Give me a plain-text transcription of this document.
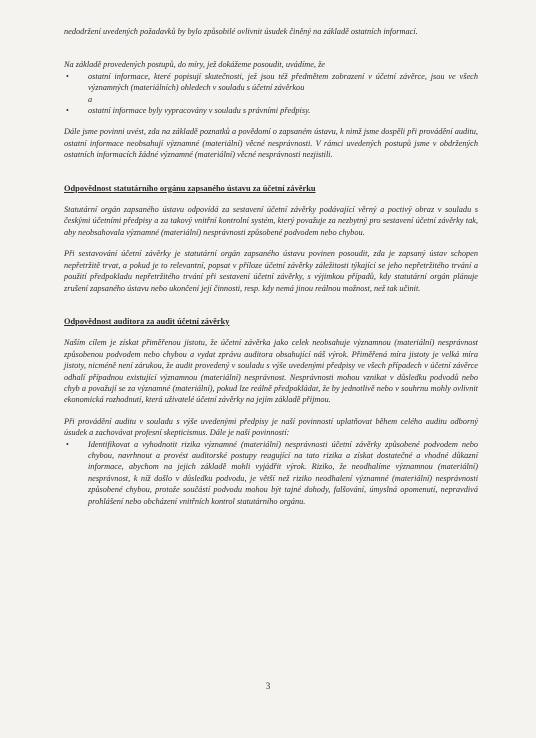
nedodržení uvedených požadavků by bylo způsobilé ovlivnit úsudek činěný na základě ostatních informací.

Na základě provedených postupů, do míry, jež dokážeme posoudit, uvádíme, že

• ostatní informace, které popisují skutečnosti, jež jsou též předmětem zobrazení v účetní závěrce, jsou ve všech významných (materiálních) ohledech v souladu s účetní závěrkou

a

• ostatní informace byly vypracovány v souladu s právními předpisy.

Dále jsme povinni uvést, zda na základě poznatků a povědomí o zapsaném ústavu, k nimž jsme dospěli při provádění auditu, ostatní informace neobsahují významné (materiální) věcné nesprávnosti. V rámci uvedených postupů jsme v obdržených ostatních informacích žádné významné (materiální) věcné nesprávnosti nezjistili.

Odpovědnost statutárního orgánu zapsaného ústavu za účetní závěrku

Statutární orgán zapsaného ústavu odpovídá za sestavení účetní závěrky podávající věrný a poctivý obraz v souladu s českými účetními předpisy a za takový vnitřní kontrolní systém, který považuje za nezbytný pro sestavení účetní závěrky tak, aby neobsahovala významné (materiální) nesprávnosti způsobené podvodem nebo chybou.

Při sestavování účetní závěrky je statutární orgán zapsaného ústavu povinen posoudit, zda je zapsaný ústav schopen nepřetržitě trvat, a pokud je to relevantní, popsat v příloze účetní závěrky záležitosti týkající se jeho nepřetržitého trvání a použití předpokladu nepřetržitého trvání při sestavení účetní závěrky, s výjimkou případů, kdy statutární orgán plánuje zrušení zapsaného ústavu nebo ukončení její činnosti, resp. kdy nemá jinou reálnou možnost, než tak učinit.

Odpovědnost auditora za audit účetní závěrky

Naším cílem je získat přiměřenou jistotu, že účetní závěrka jako celek neobsahuje významnou (materiální) nesprávnost způsobenou podvodem nebo chybou a vydat zprávu auditora obsahující náš výrok. Přiměřená míra jistoty je velká míra jistoty, nicméně není zárukou, že audit provedený v souladu s výše uvedenými předpisy ve všech případech v účetní závěrce odhalí případnou existující významnou (materiální) nesprávnost. Nesprávnosti mohou vznikat v důsledku podvodů nebo chyb a považují se za významné (materiální), pokud lze reálně předpokládat, že by jednotlivě nebo v souhrnu mohly ovlivnit ekonomická rozhodnutí, která uživatelé účetní závěrky na jejím základě přijmou.

Při provádění auditu v souladu s výše uvedenými předpisy je naší povinností uplatňovat během celého auditu odborný úsudek a zachovávat profesní skepticismus. Dále je naší povinností:

• Identifikovat a vyhodnotit rizika významné (materiální) nesprávnosti účetní závěrky způsobené podvodem nebo chybou, navrhnout a provést auditorské postupy reagující na tato rizika a získat dostatečné a vhodné důkazní informace, abychom na jejich základě mohli vyjádřit výrok. Riziko, že neodhalíme významnou (materiální) nesprávnost, k níž došlo v důsledku podvodu, je větší než riziko neodhalení významné (materiální) nesprávnosti způsobené chybou, protože součástí podvodu mohou být tajné dohody, falšování, úmyslná opomenutí, nepravdivá prohlášení nebo obcházení vnitřních kontrol statutárního orgánu.
3
